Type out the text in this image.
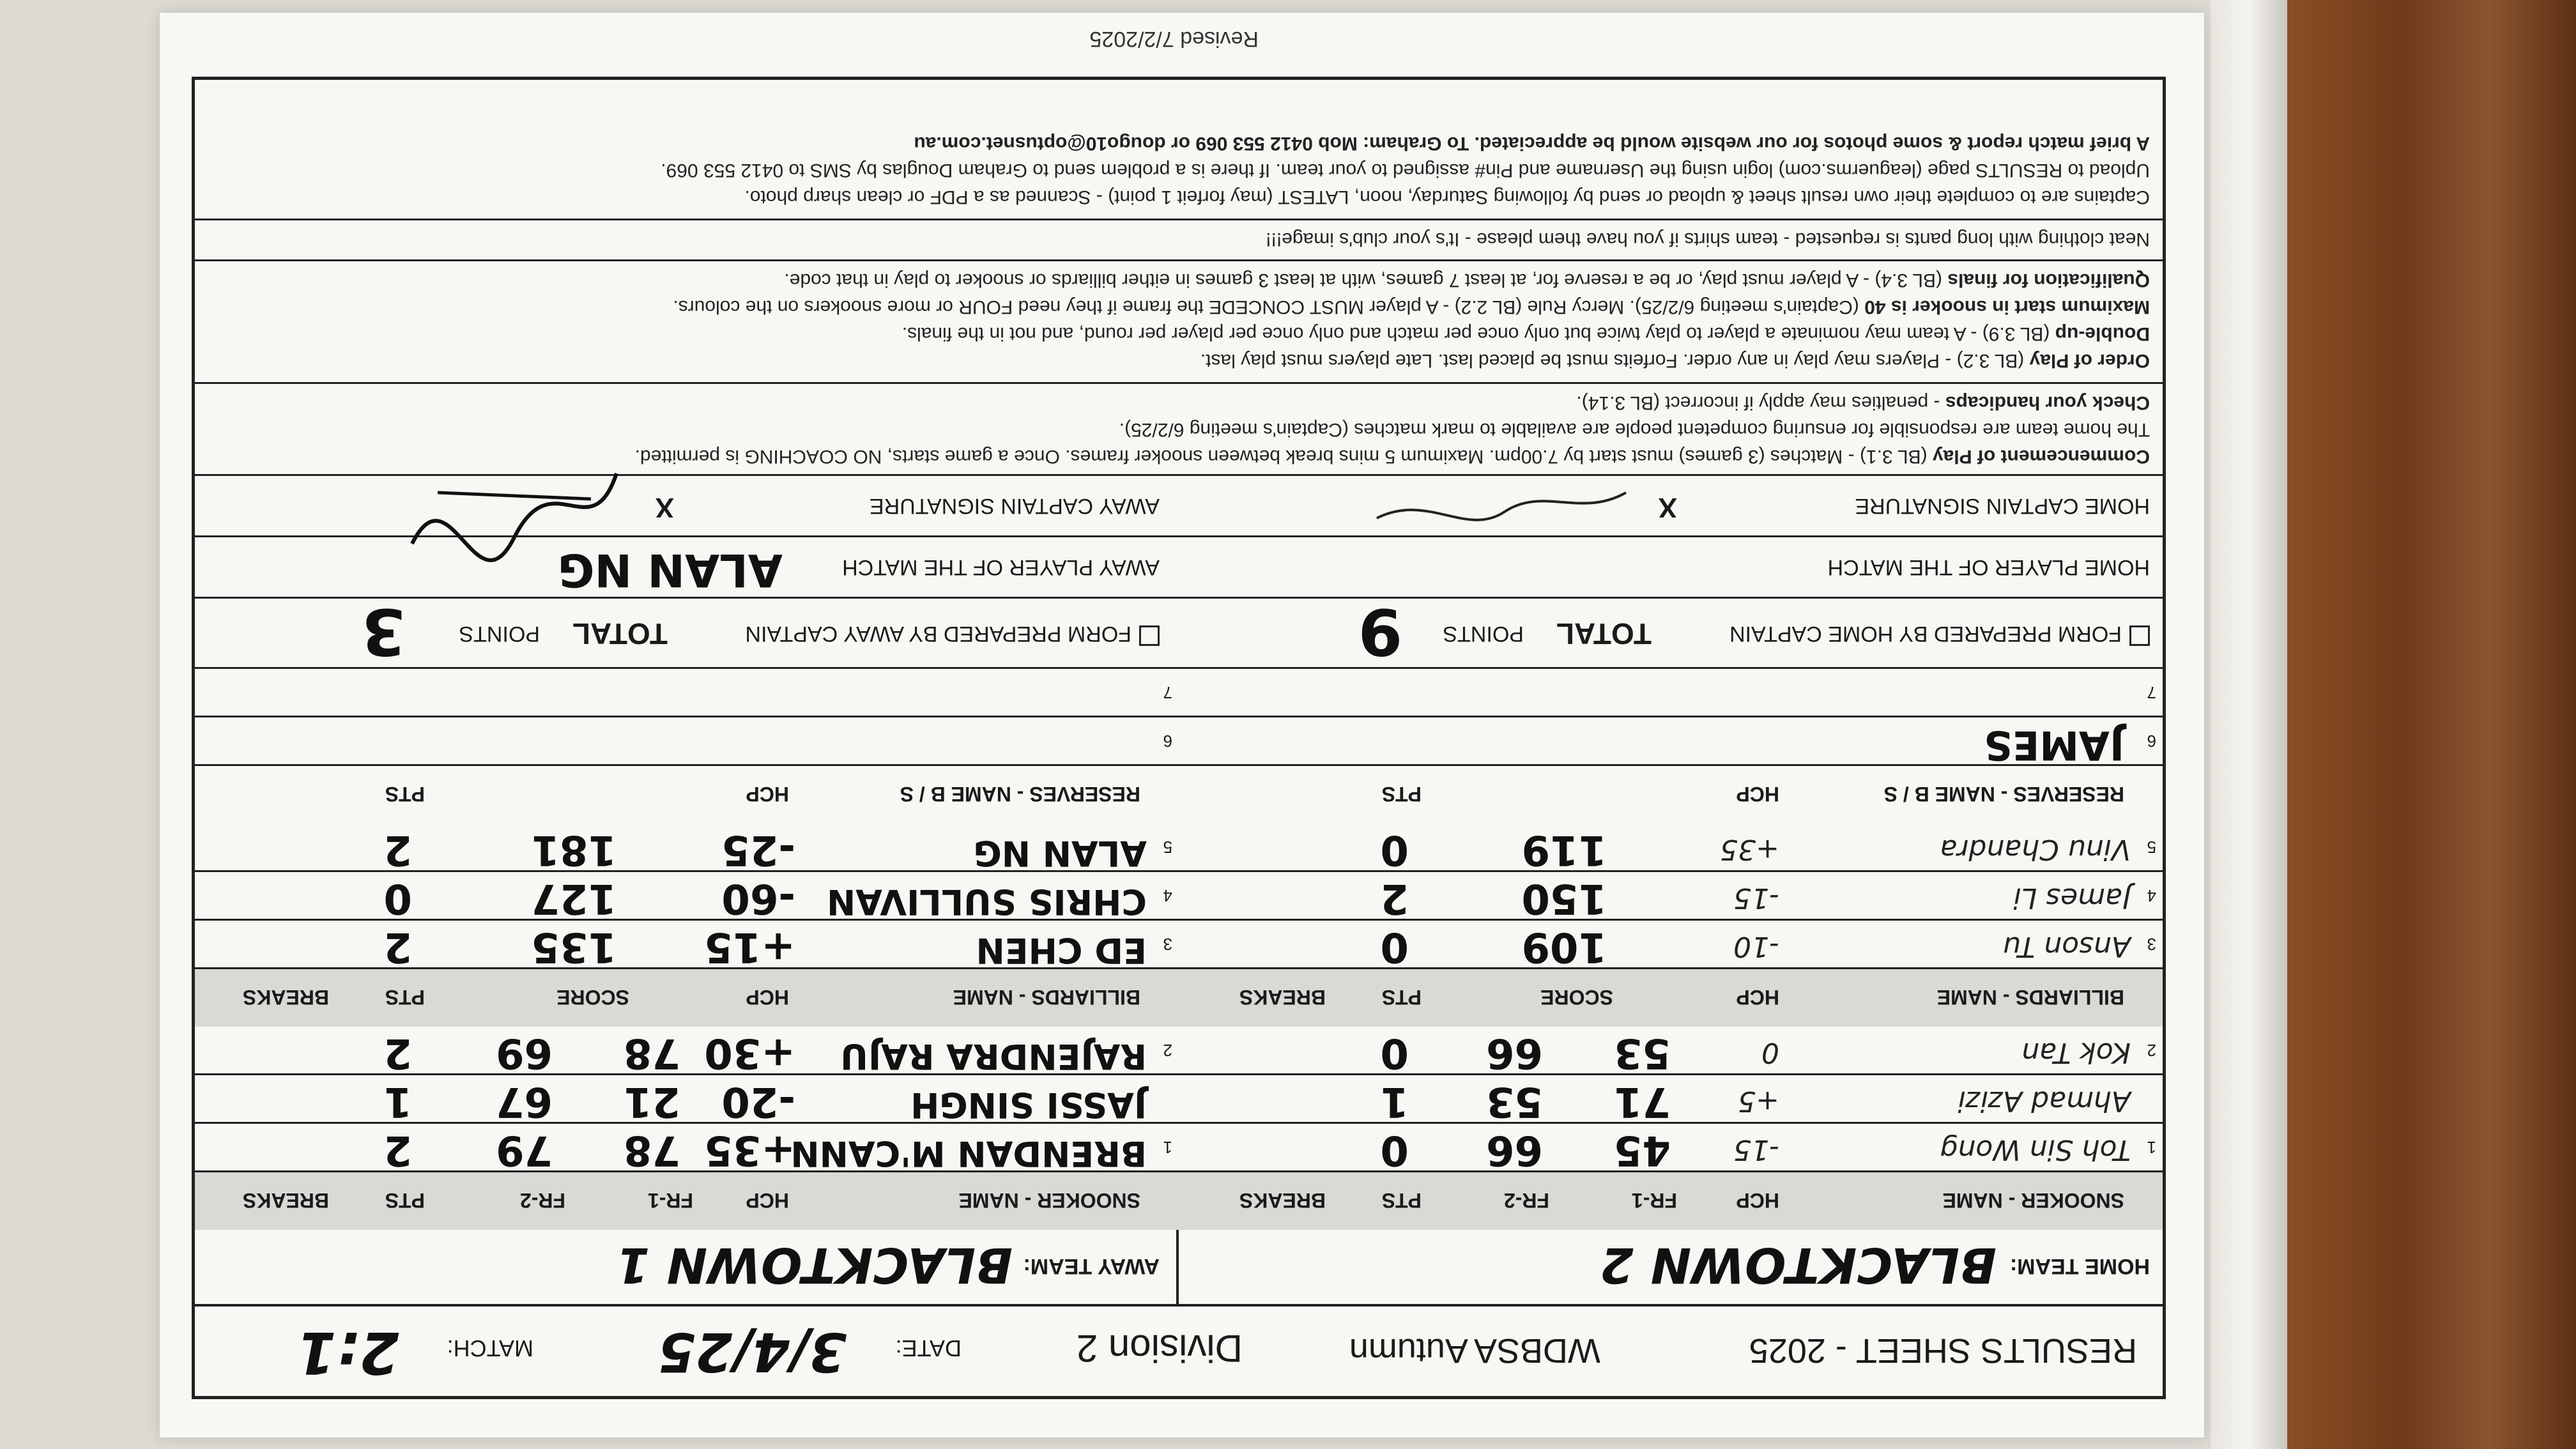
RESULTS SHEET - 2025
WDBSA Autumn
Division 2
DATE:
3/4/25
MATCH:
2:1
HOME TEAM:
BLACKTOWN 2
AWAY TEAM:
BLACKTOWN 1
SNOOKER - NAME
HCP
FR-1
FR-2
PTS
BREAKS
SNOOKER - NAME
HCP
FR-1
FR-2
PTS
BREAKS
1
Toh Sin Wong
-15
45
66
0
1
BRENDAN M'CANN
+35
78
79
2
Ahmad Azizi
+5
71
53
1
JASSI SINGH
-20
21
67
1
2
Kok Tan
0
53
66
0
2
RAJENDRA RAJU
+30
78
69
2
BILLIARDS - NAME
HCP
SCORE
PTS
BREAKS
BILLIARDS - NAME
HCP
SCORE
PTS
BREAKS
3
Anson Tu
-10
109
0
3
ED CHEN
+15
135
2
4
James Li
-15
150
2
4
CHRIS SULLIVAN
-60
127
0
5
Vinu Chandra
+35
119
0
5
ALAN NG
-25
181
2
RESERVES - NAME B / S
HCP
PTS
RESERVES - NAME B / S
HCP
PTS
6
JAMES
6
7
7
FORM PREPARED BY HOME CAPTAIN
TOTAL
POINTS
9
FORM PREPARED BY AWAY CAPTAIN
TOTAL
POINTS
3
HOME PLAYER OF THE MATCH
AWAY PLAYER OF THE MATCH
ALAN NG
HOME CAPTAIN SIGNATURE
X
AWAY CAPTAIN SIGNATURE
X
Commencement of Play (BL 3.1) - Matches (3 games) must start by 7.00pm. Maximum 5 mins break between snooker frames. Once a game starts, NO COACHING is permitted.
The home team are responsible for ensuring competent people are available to mark matches (Captain's meeting 6/2/25).
Check your handicaps - penalties may apply if incorrect (BL 3.14).
Order of Play (BL 3.2) - Players may play in any order. Forfeits must be placed last. Late players must play last.
Double-up (BL 3.9) - A team may nominate a player to play twice but only once per match and only once per player per round, and not in the finals.
Maximum start in snooker is 40 (Captain's meeting 6/2/25). Mercy Rule (BL 2.2) - A player MUST CONCEDE the frame if they need FOUR or more snookers on the colours.
Qualification for finals (BL 3.4) - A player must play, or be a reserve for, at least 7 games, with at least 3 games in either billiards or snooker to play in that code.
Neat clothing with long pants is requested - team shirts if you have them please - It's your club's image!!!
Captains are to complete their own result sheet & upload or send by following Saturday, noon, LATEST (may forfeit 1 point) - Scanned as a PDF or clean sharp photo.
Upload to RESULTS page (leaguerms.com) login using the Username and Pin# assigned to your team. If there is a problem send to Graham Douglas by SMS to 0412 553 069.
A brief match report & some photos for our website would be appreciated. To Graham: Mob 0412 553 069 or dougo10@optusnet.com.au
Revised 7/2/2025
